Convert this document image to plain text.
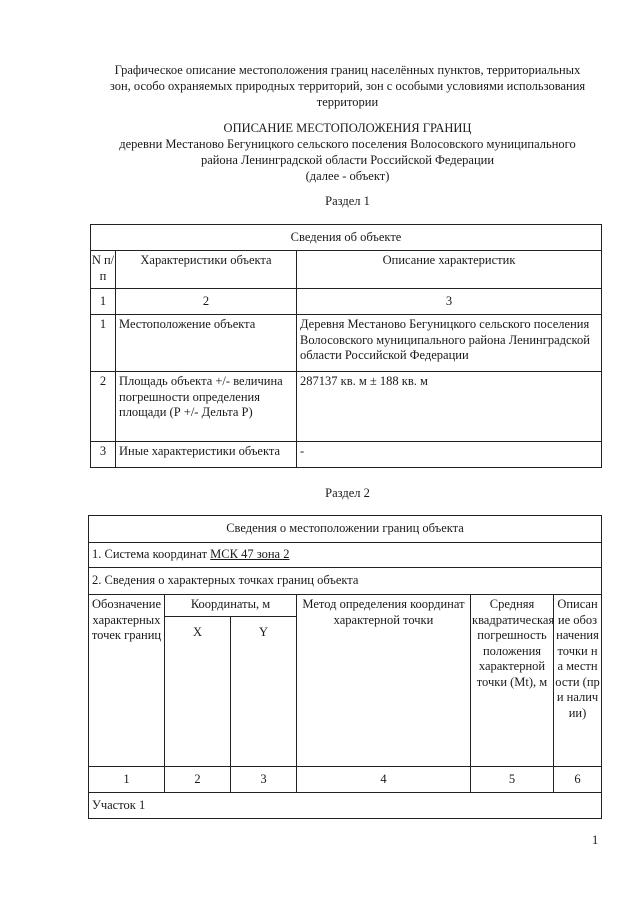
Графическое описание местоположения границ населённых пунктов, территориальных
зон, особо охраняемых природных территорий, зон с особыми условиями использования
территории
ОПИСАНИЕ МЕСТОПОЛОЖЕНИЯ ГРАНИЦ
деревни Местаново Бегуницкого сельского поселения Волосовского муниципального
района Ленинградской области Российской Федерации
(далее - объект)
Раздел 1
Сведения об объекте		
N п/п	Характеристики объекта	Описание характеристик
1	2	3
1	Местоположение объекта	Деревня Местаново Бегуницкого сельского поселения Волосовского муниципального района Ленинградской области Российской Федерации
2	Площадь объекта +/- величина погрешности определения площади (Р +/- Дельта Р)	287137 кв. м ± 188 кв. м
3	Иные характеристики объекта	-
Раздел 2
Сведения о местоположении границ объекта					
1. Система координат МСК 47 зона 2					
2. Сведения о характерных точках границ объекта					
Обозначение характерных точек границ	Координаты, м		Метод определения координат характерной точки	Средняя квадратическая погрешность положения характерной точки (Mt), м	Описание обозначения точки на местности (при наличии)
	X	Y			
1	2	3	4	5	6
Участок 1					
1
